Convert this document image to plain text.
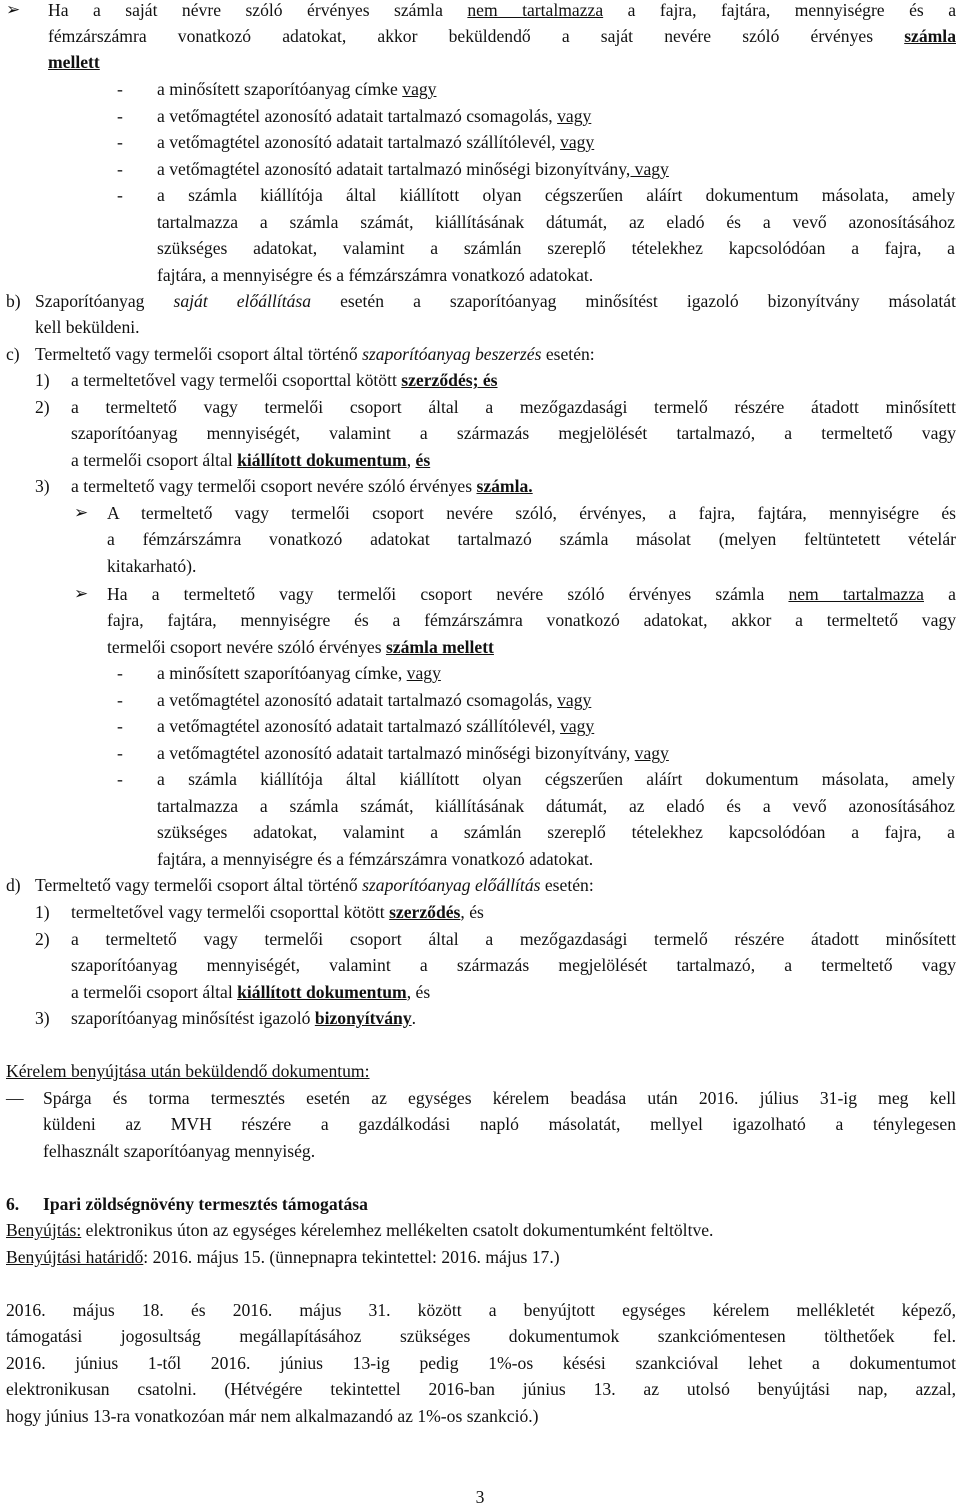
➢ Ha a saját névre szóló érvényes számla nem tartalmazza a fajra, fajtára, mennyiségre és a
fémzárszámra vonatkozó adatokat, akkor beküldendő a saját nevére szóló érvényes számla
mellett
- a minősített szaporítóanyag címke vagy
- a vetőmagtétel azonosító adatait tartalmazó csomagolás, vagy
- a vetőmagtétel azonosító adatait tartalmazó szállítólevél, vagy
- a vetőmagtétel azonosító adatait tartalmazó minőségi bizonyítvány, vagy
- a számla kiállítója által kiállított olyan cégszerűen aláírt dokumentum másolata, amely
tartalmazza a számla számát, kiállításának dátumát, az eladó és a vevő azonosításához
szükséges adatokat, valamint a számlán szereplő tételekhez kapcsolódóan a fajra, a
fajtára, a mennyiségre és a fémzárszámra vonatkozó adatokat.
b) Szaporítóanyag saját előállítása esetén a szaporítóanyag minősítést igazoló bizonyítvány másolatát
kell beküldeni.
c) Termeltető vagy termelői csoport által történő szaporítóanyag beszerzés esetén:
1) a termeltetővel vagy termelői csoporttal kötött szerződés; és
2) a termeltető vagy termelői csoport által a mezőgazdasági termelő részére átadott minősített
szaporítóanyag mennyiségét, valamint a származás megjelölését tartalmazó, a termeltető vagy
a termelői csoport által kiállított dokumentum, és
3) a termeltető vagy termelői csoport nevére szóló érvényes számla.
➢ A termeltető vagy termelői csoport nevére szóló, érvényes, a fajra, fajtára, mennyiségre és
a fémzárszámra vonatkozó adatokat tartalmazó számla másolat (melyen feltüntetett vételár
kitakarható).
➢ Ha a termeltető vagy termelői csoport nevére szóló érvényes számla nem tartalmazza a
fajra, fajtára, mennyiségre és a fémzárszámra vonatkozó adatokat, akkor a termeltető vagy
termelői csoport nevére szóló érvényes számla mellett
- a minősített szaporítóanyag címke, vagy
- a vetőmagtétel azonosító adatait tartalmazó csomagolás, vagy
- a vetőmagtétel azonosító adatait tartalmazó szállítólevél, vagy
- a vetőmagtétel azonosító adatait tartalmazó minőségi bizonyítvány, vagy
- a számla kiállítója által kiállított olyan cégszerűen aláírt dokumentum másolata, amely
tartalmazza a számla számát, kiállításának dátumát, az eladó és a vevő azonosításához
szükséges adatokat, valamint a számlán szereplő tételekhez kapcsolódóan a fajra, a
fajtára, a mennyiségre és a fémzárszámra vonatkozó adatokat.
d) Termeltető vagy termelői csoport által történő szaporítóanyag előállítás esetén:
1) termeltetővel vagy termelői csoporttal kötött szerződés, és
2) a termeltető vagy termelői csoport által a mezőgazdasági termelő részére átadott minősített
szaporítóanyag mennyiségét, valamint a származás megjelölését tartalmazó, a termeltető vagy
a termelői csoport által kiállított dokumentum, és
3) szaporítóanyag minősítést igazoló bizonyítvány.
Kérelem benyújtása után beküldendő dokumentum:
— Spárga és torma termesztés esetén az egységes kérelem beadása után 2016. július 31-ig meg kell
küldeni az MVH részére a gazdálkodási napló másolatát, mellyel igazolható a ténylegesen
felhasznált szaporítóanyag mennyiség.
6. Ipari zöldségnövény termesztés támogatása
Benyújtás: elektronikus úton az egységes kérelemhez mellékelten csatolt dokumentumként feltöltve.
Benyújtási határidő: 2016. május 15. (ünnepnapra tekintettel: 2016. május 17.)
2016. május 18. és 2016. május 31. között a benyújtott egységes kérelem mellékletét képező,
támogatási jogosultság megállapításához szükséges dokumentumok szankciómentesen tölthetőek fel.
2016. június 1-től 2016. június 13-ig pedig 1%-os késési szankcióval lehet a dokumentumot
elektronikusan csatolni. (Hétvégére tekintettel 2016-ban június 13. az utolsó benyújtási nap, azzal,
hogy június 13-ra vonatkozóan már nem alkalmazandó az 1%-os szankció.)
3
